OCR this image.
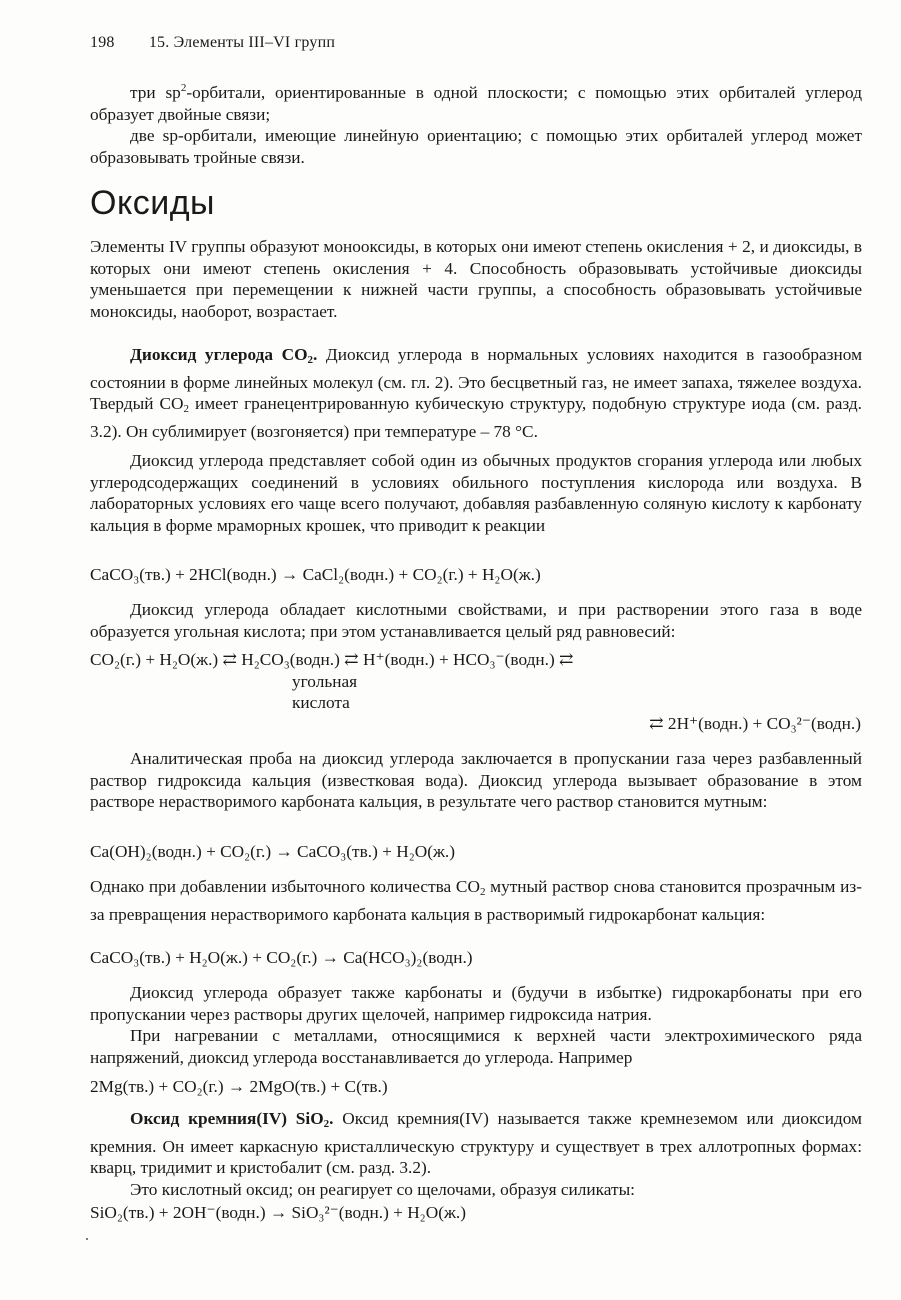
198 15. Элементы III–VI групп

три $sp^2$-орбитали, ориентированные в одной плоскости; с помощью этих орбиталей углерод образует двойные связи;

две sp-орбитали, имеющие линейную ориентацию; с помощью этих орбиталей углерод может образовывать тройные связи.

Оксиды

Элементы IV группы образуют монооксиды, в которых они имеют степень окисления + 2, и диоксиды, в которых они имеют степень окисления + 4. Способность образовывать устойчивые диоксиды уменьшается при перемещении к нижней части группы, а способность образовывать устойчивые моноксиды, наоборот, возрастает.

Диоксид углерода $СO_2$. Диоксид углерода в нормальных условиях находится в газообразном состоянии в форме линейных молекул (см. гл. 2). Это бесцветный газ, не имеет запаха, тяжелее воздуха. Твердый $СО_2$ имеет гранецентрированную кубическую структуру, подобную структуре иода (см. разд. 3.2). Он сублимирует (возгоняется) при температуре – 78 °С.

Диоксид углерода представляет собой один из обычных продуктов сгорания углерода или любых углеродсодержащих соединений в условиях обильного поступления кислорода или воздуха. В лабораторных условиях его чаще всего получают, добавляя разбавленную соляную кислоту к карбонату кальция в форме мраморных крошек, что приводит к реакции

CaCO₃(тв.) + 2HCl(водн.) → CaCl₂(водн.) + CO₂(г.) + H₂O(ж.)

Диоксид углерода обладает кислотными свойствами, и при растворении этого газа в воде образуется угольная кислота; при этом устанавливается целый ряд равновесий:

CO₂(г.) + H₂O(ж.) ⇄ H₂CO₃(водн.) ⇄ H⁺(водн.) + HCO₃⁻(водн.) ⇄
угольная
кислота
⇄ 2H⁺(водн.) + CO₃²⁻(водн.)

Аналитическая проба на диоксид углерода заключается в пропускании газа через разбавленный раствор гидроксида кальция (известковая вода). Диоксид углерода вызывает образование в этом растворе нерастворимого карбоната кальция, в результате чего раствор становится мутным:

Ca(OH)₂(водн.) + CO₂(г.) → CaCO₃(тв.) + H₂O(ж.)

Однако при добавлении избыточного количества $СО_2$ мутный раствор снова становится прозрачным из-за превращения нерастворимого карбоната кальция в растворимый гидрокарбонат кальция:

CaCO₃(тв.) + H₂O(ж.) + CO₂(г.) → Ca(HCO₃)₂(водн.)

Диоксид углерода образует также карбонаты и (будучи в избытке) гидрокарбонаты при его пропускании через растворы других щелочей, например гидроксида натрия.

При нагревании с металлами, относящимися к верхней части электрохимического ряда напряжений, диоксид углерода восстанавливается до углерода. Например

2Mg(тв.) + CO₂(г.) → 2MgO(тв.) + C(тв.)

Оксид кремния(IV) SiO$_2$. Оксид кремния(IV) называется также кремнеземом или диоксидом кремния. Он имеет каркасную кристаллическую структуру и существует в трех аллотропных формах: кварц, тридимит и кристобалит (см. разд. 3.2).

Это кислотный оксид; он реагирует со щелочами, образуя силикаты:

SiO₂(тв.) + 2OH⁻(водн.) → SiO₃²⁻(водн.) + H₂O(ж.)
